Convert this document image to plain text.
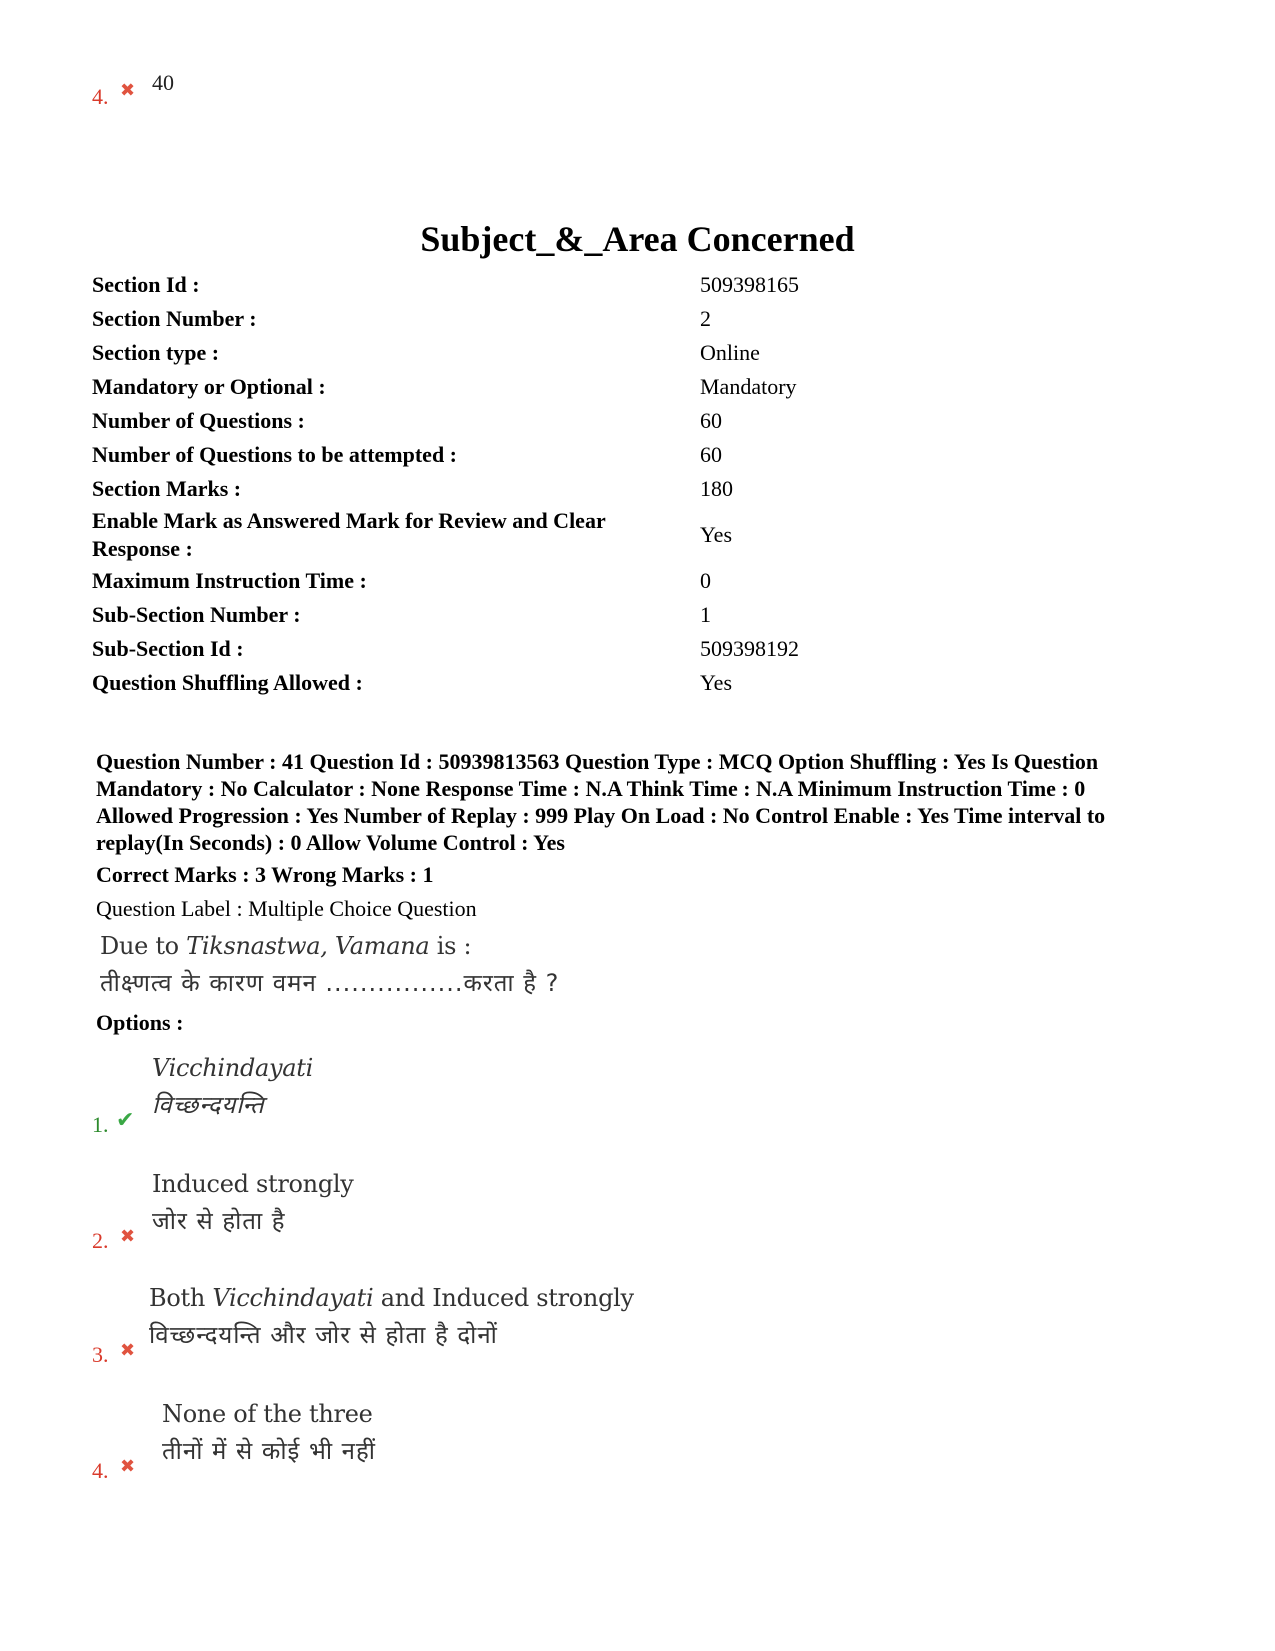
4. ✖ 40
Subject_&_Area Concerned
Section Id :	509398165
Section Number :	2
Section type :	Online
Mandatory or Optional :	Mandatory
Number of Questions :	60
Number of Questions to be attempted :	60
Section Marks :	180
Enable Mark as Answered Mark for Review and Clear Response :
Yes
Maximum Instruction Time :	0
Sub-Section Number :	1
Sub-Section Id :	509398192
Question Shuffling Allowed :	Yes
Question Number : 41 Question Id : 50939813563 Question Type : MCQ Option Shuffling : Yes Is Question Mandatory : No Calculator : None Response Time : N.A Think Time : N.A Minimum Instruction Time : 0 Allowed Progression : Yes Number of Replay : 999 Play On Load : No Control Enable : Yes Time interval to replay(In Seconds) : 0 Allow Volume Control : Yes
Correct Marks : 3 Wrong Marks : 1
Question Label : Multiple Choice Question
Due to Tiksnastwa, Vamana is :
तीक्ष्णत्व के कारण वमन ................करता है ?
Options :
1. ✔
Vicchindayati
विच्छन्दयन्ति
2. ✖
Induced strongly
जोर से होता है
3. ✖
Both Vicchindayati and Induced strongly
विच्छन्दयन्ति और जोर से होता है दोनों
4. ✖
None of the three
तीनों में से कोई भी नहीं
